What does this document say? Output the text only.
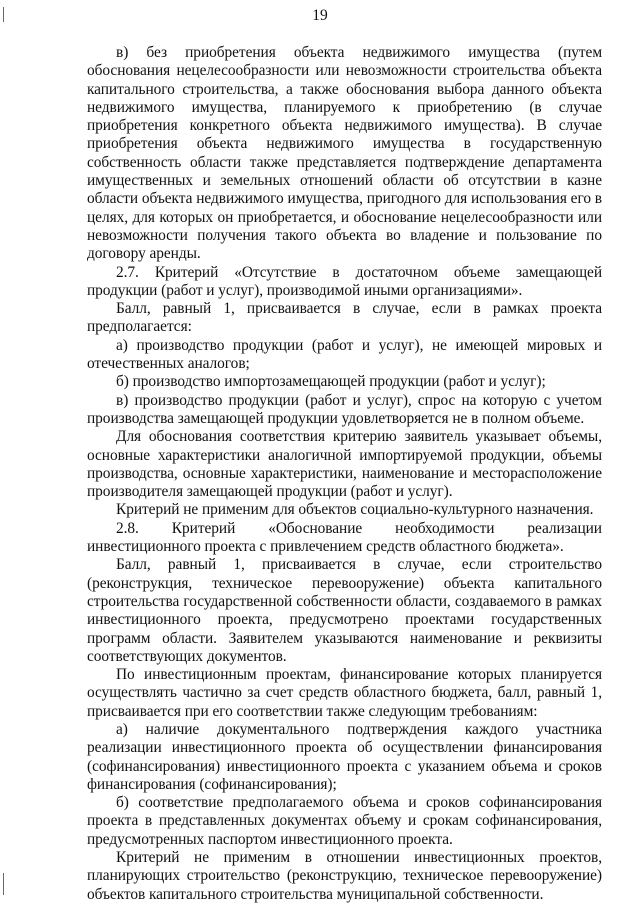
19

в) без приобретения объекта недвижимого имущества (путем обоснования нецелесообразности или невозможности строительства объекта капитального строительства, а также обоснования выбора данного объекта недвижимого имущества, планируемого к приобретению (в случае приобретения конкретного объекта недвижимого имущества). В случае приобретения объекта недвижимого имущества в государственную собственность области также представляется подтверждение департамента имущественных и земельных отношений области об отсутствии в казне области объекта недвижимого имущества, пригодного для использования его в целях, для которых он приобретается, и обоснование нецелесообразности или невозможности получения такого объекта во владение и пользование по договору аренды.

2.7. Критерий «Отсутствие в достаточном объеме замещающей продукции (работ и услуг), производимой иными организациями».

Балл, равный 1, присваивается в случае, если в рамках проекта предполагается:

а) производство продукции (работ и услуг), не имеющей мировых и отечественных аналогов;

б) производство импортозамещающей продукции (работ и услуг);

в) производство продукции (работ и услуг), спрос на которую с учетом производства замещающей продукции удовлетворяется не в полном объеме.

Для обоснования соответствия критерию заявитель указывает объемы, основные характеристики аналогичной импортируемой продукции, объемы производства, основные характеристики, наименование и месторасположение производителя замещающей продукции (работ и услуг).

Критерий не применим для объектов социально-культурного назначения.

2.8. Критерий «Обоснование необходимости реализации инвестиционного проекта с привлечением средств областного бюджета».

Балл, равный 1, присваивается в случае, если строительство (реконструкция, техническое перевооружение) объекта капитального строительства государственной собственности области, создаваемого в рамках инвестиционного проекта, предусмотрено проектами государственных программ области. Заявителем указываются наименование и реквизиты соответствующих документов.

По инвестиционным проектам, финансирование которых планируется осуществлять частично за счет средств областного бюджета, балл, равный 1, присваивается при его соответствии также следующим требованиям:

а) наличие документального подтверждения каждого участника реализации инвестиционного проекта об осуществлении финансирования (софинансирования) инвестиционного проекта с указанием объема и сроков финансирования (софинансирования);

б) соответствие предполагаемого объема и сроков софинансирования проекта в представленных документах объему и срокам софинансирования, предусмотренных паспортом инвестиционного проекта.

Критерий не применим в отношении инвестиционных проектов, планирующих строительство (реконструкцию, техническое перевооружение) объектов капитального строительства муниципальной собственности.
